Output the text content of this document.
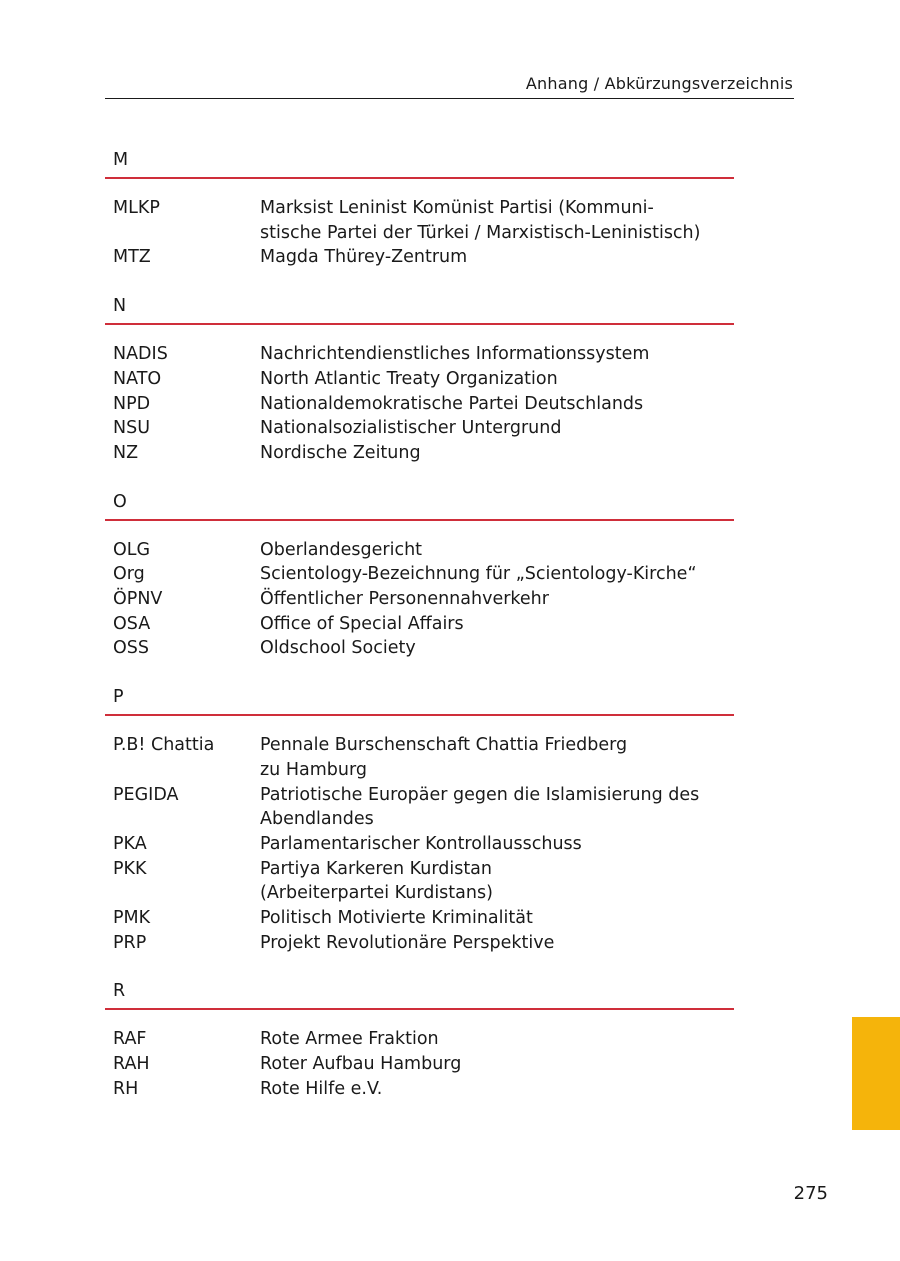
Anhang / Abkürzungsverzeichnis
M
MLKP	Marksist Leninist Komünist Partisi (Kommuni-
stische Partei der Türkei / Marxistisch-Leninistisch)
MTZ	Magda Thürey-Zentrum
N
NADIS	Nachrichtendienstliches Informationssystem
NATO	North Atlantic Treaty Organization
NPD	Nationaldemokratische Partei Deutschlands
NSU	Nationalsozialistischer Untergrund
NZ	Nordische Zeitung
O
OLG	Oberlandesgericht
Org	Scientology-Bezeichnung für „Scientology-Kirche“
ÖPNV	Öffentlicher Personennahverkehr
OSA	Office of Special Affairs
OSS	Oldschool Society
P
P.B! Chattia	Pennale Burschenschaft Chattia Friedberg
zu Hamburg
PEGIDA	Patriotische Europäer gegen die Islamisierung des
Abendlandes
PKA	Parlamentarischer Kontrollausschuss
PKK	Partiya Karkeren Kurdistan
(Arbeiterpartei Kurdistans)
PMK	Politisch Motivierte Kriminalität
PRP	Projekt Revolutionäre Perspektive
R
RAF	Rote Armee Fraktion
RAH	Roter Aufbau Hamburg
RH	Rote Hilfe e.V.
275
